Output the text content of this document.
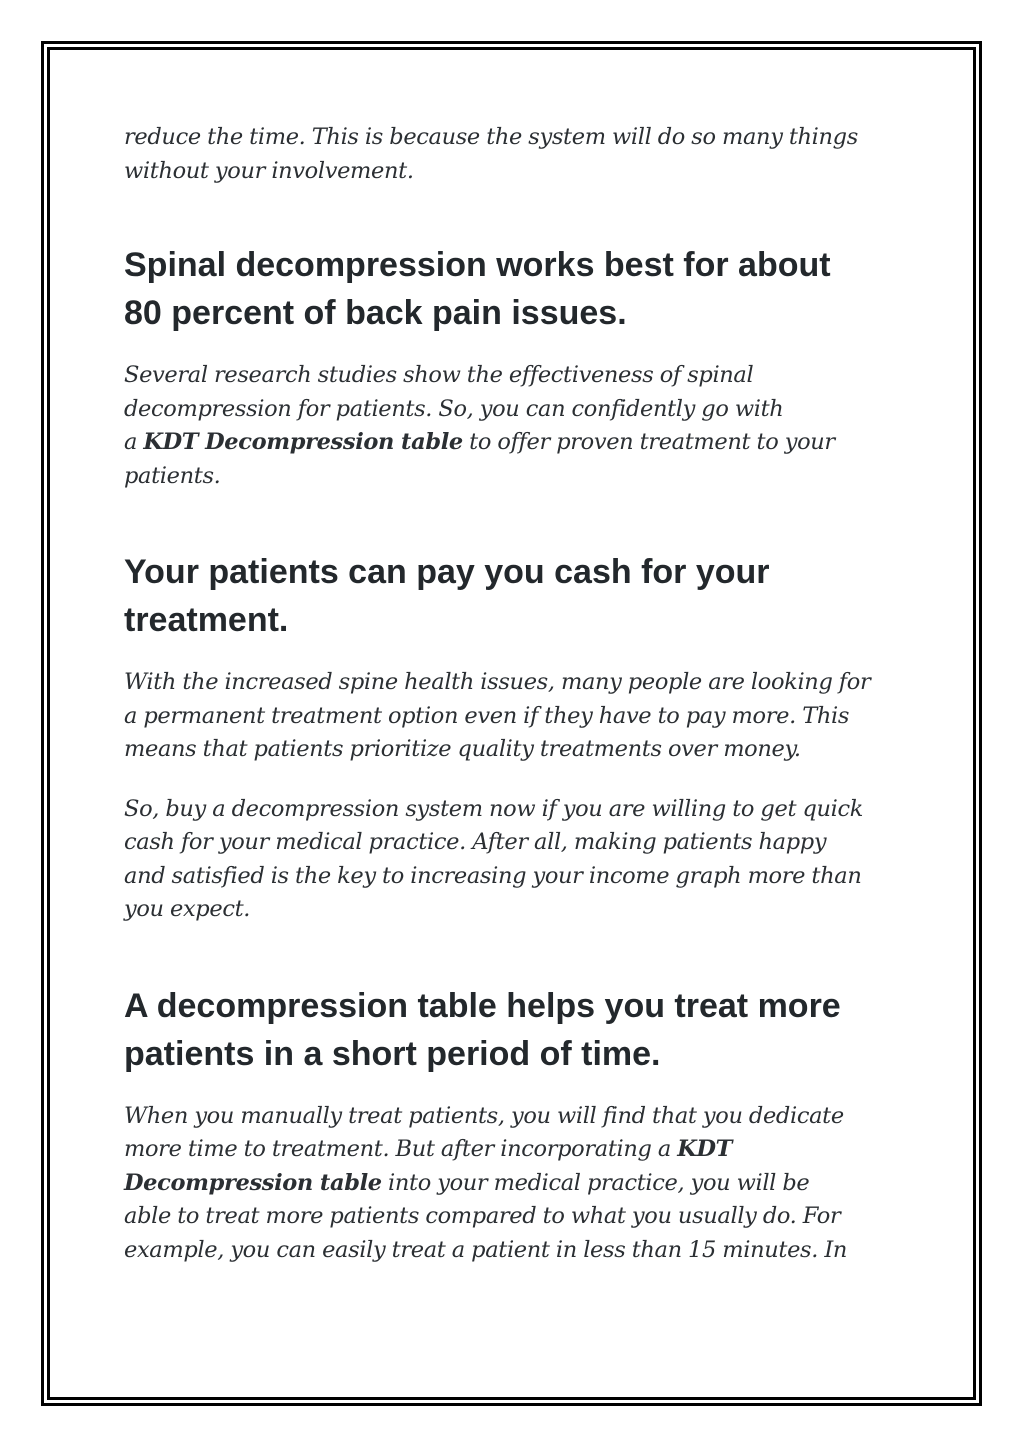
reduce the time. This is because the system will do so many things
without your involvement.

Spinal decompression works best for about
80 percent of back pain issues.

Several research studies show the effectiveness of spinal
decompression for patients. So, you can confidently go with
a KDT Decompression table to offer proven treatment to your
patients.

Your patients can pay you cash for your
treatment.

With the increased spine health issues, many people are looking for
a permanent treatment option even if they have to pay more. This
means that patients prioritize quality treatments over money.

So, buy a decompression system now if you are willing to get quick
cash for your medical practice. After all, making patients happy
and satisfied is the key to increasing your income graph more than
you expect.

A decompression table helps you treat more
patients in a short period of time.

When you manually treat patients, you will find that you dedicate
more time to treatment. But after incorporating a KDT
Decompression table into your medical practice, you will be
able to treat more patients compared to what you usually do. For
example, you can easily treat a patient in less than 15 minutes. In
